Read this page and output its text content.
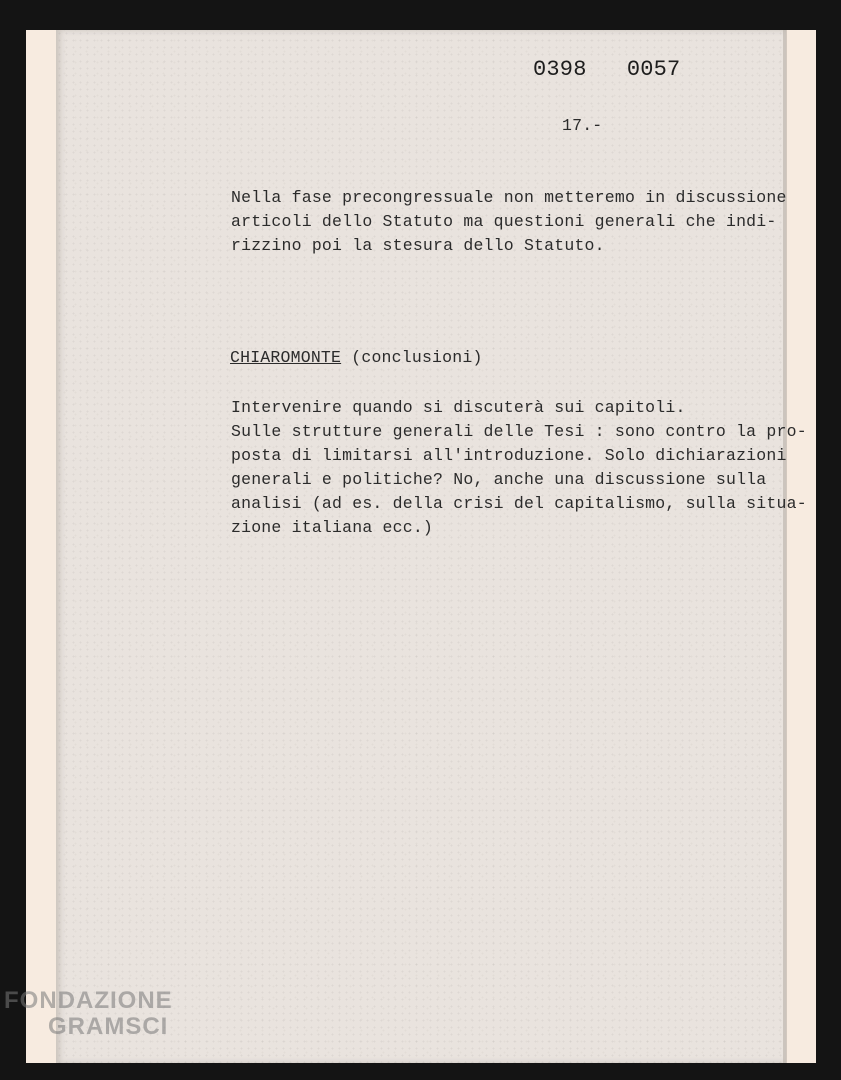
0398   0057
17.-
Nella fase precongressuale non metteremo in discussione
articoli dello Statuto ma questioni generali che indi-
rizzino poi la stesura dello Statuto.
CHIAROMONTE (conclusioni)
Intervenire quando si discuterà sui capitoli.
Sulle strutture generali delle Tesi : sono contro la pro-
posta di limitarsi all'introduzione. Solo dichiarazioni
generali e politiche? No, anche una discussione sulla
analisi (ad es. della crisi del capitalismo, sulla situa-
zione italiana ecc.)
FONDAZIONE
GRAMSCI
